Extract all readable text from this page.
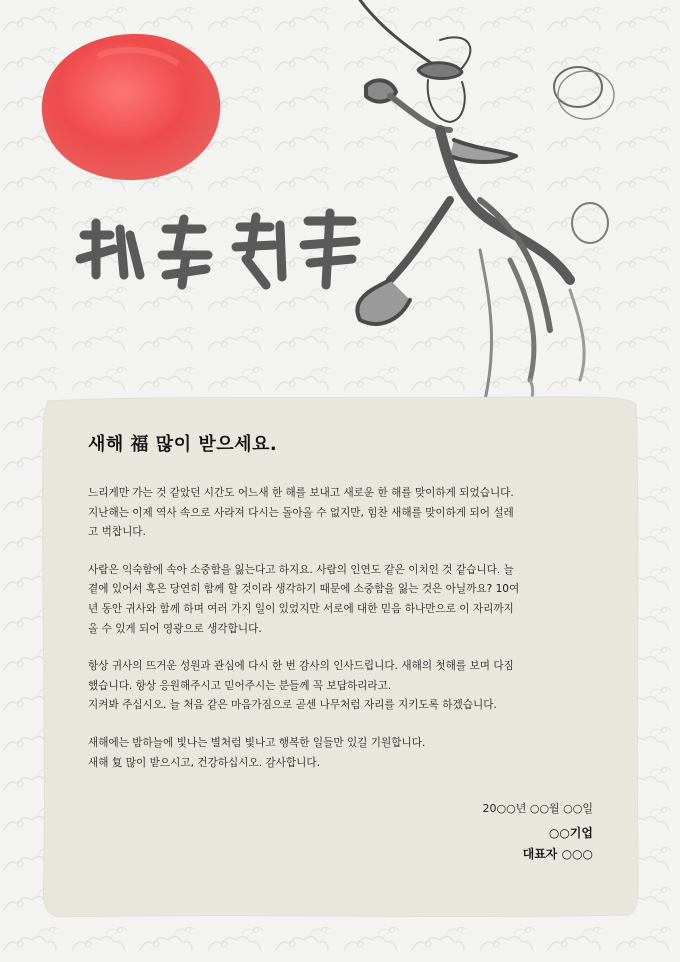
새해 福 많이 받으세요.

느리게만 가는 것 같았던 시간도 어느새 한 해를 보내고 새로운 한 해를 맞이하게 되었습니다.
지난해는 이제 역사 속으로 사라져 다시는 돌아올 수 없지만, 힘찬 새해를 맞이하게 되어 설레
고 벅찹니다.

사람은 익숙함에 속아 소중함을 잃는다고 하지요. 사람의 인연도 같은 이치인 것 같습니다. 늘
곁에 있어서 혹은 당연히 함께 할 것이라 생각하기 때문에 소중함을 잃는 것은 아닐까요? 10여
년 동안 귀사와 함께 하며 여러 가지 일이 있었지만 서로에 대한 믿음 하나만으로 이 자리까지
올 수 있게 되어 영광으로 생각합니다.

항상 귀사의 뜨거운 성원과 관심에 다시 한 번 감사의 인사드립니다. 새해의 첫해를 보며 다짐
했습니다. 항상 응원해주시고 믿어주시는 분들께 꼭 보답하리라고.
지켜봐 주십시오. 늘 처음 같은 마음가짐으로 곧센 나무처럼 자리를 지키도록 하겠습니다.

새해에는 밤하늘에 빛나는 별처럼 빛나고 행복한 일들만 있길 기원합니다.
새해 复 많이 받으시고, 건강하십시오. 감사합니다.

20○○년 ○○월 ○○일
○○기업
대표자 ○○○
